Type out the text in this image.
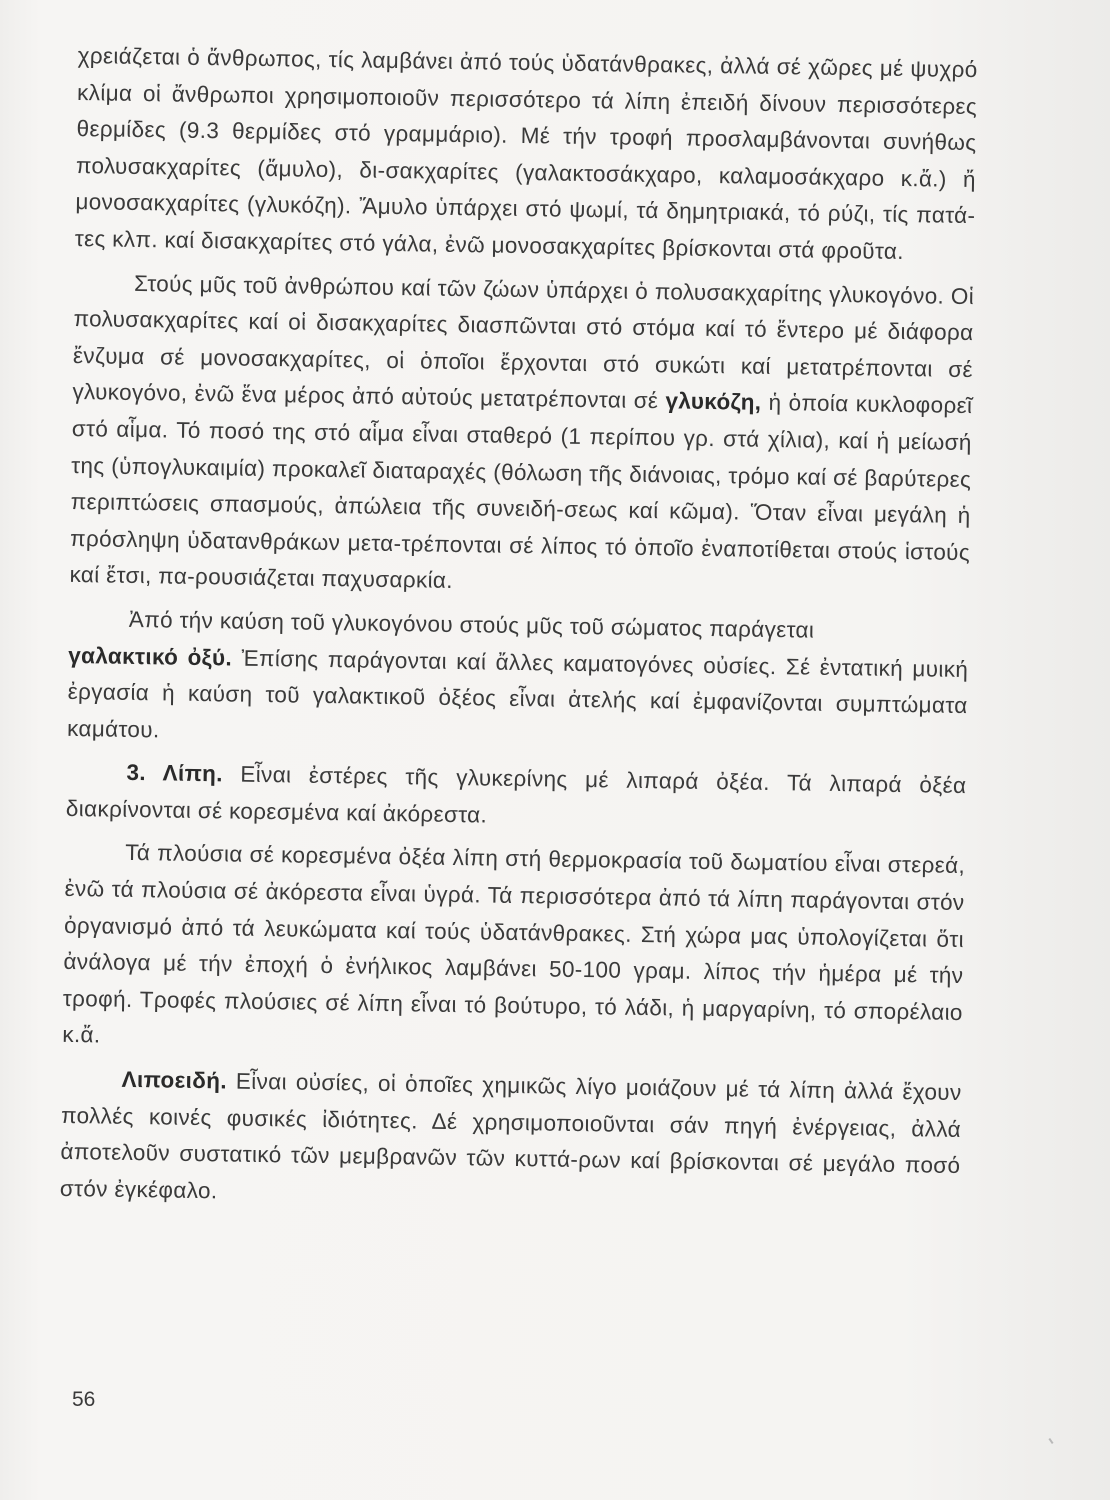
χρειάζεται ὁ ἄνθρωπος, τίς λαμβάνει ἀπό τούς ὑδατάνθρακες, ἀλλά σέ χῶρες μέ ψυχρό κλίμα οἱ ἄνθρωποι χρησιμοποιοῦν περισσότερο τά λίπη ἐπειδή δίνουν περισσότερες θερμίδες (9.3 θερμίδες στό γραμμάριο). Μέ τήν τροφή προσλαμβάνονται συνήθως πολυσακχαρίτες (ἄμυλο), δι-σακχαρίτες (γαλακτοσάκχαρο, καλαμοσάκχαρο κ.ἄ.) ἤ μονοσακχαρίτες (γλυκόζη). Ἄμυλο ὑπάρχει στό ψωμί, τά δημητριακά, τό ρύζι, τίς πατά-τες κλπ. καί δισακχαρίτες στό γάλα, ἐνῶ μονοσακχαρίτες βρίσκονται στά φροῦτα.

Στούς μῦς τοῦ ἀνθρώπου καί τῶν ζώων ὑπάρχει ὁ πολυσακχαρίτης γλυκογόνο. Οἱ πολυσακχαρίτες καί οἱ δισακχαρίτες διασπῶνται στό στόμα καί τό ἔντερο μέ διάφορα ἔνζυμα σέ μονοσακχαρίτες, οἱ ὁποῖοι ἔρχονται στό συκώτι καί μετατρέπονται σέ γλυκογόνο, ἐνῶ ἕνα μέρος ἀπό αὐτούς μετατρέπονται σέ γλυκόζη, ἡ ὁποία κυκλοφορεῖ στό αἷμα. Τό ποσό της στό αἷμα εἶναι σταθερό (1 περίπου γρ. στά χίλια), καί ἡ μείωσή της (ὑπογλυκαιμία) προκαλεῖ διαταραχές (θόλωση τῆς διάνοιας, τρόμο καί σέ βαρύτερες περιπτώσεις σπασμούς, ἀπώλεια τῆς συνειδή-σεως καί κῶμα). Ὅταν εἶναι μεγάλη ἡ πρόσληψη ὑδατανθράκων μετα-τρέπονται σέ λίπος τό ὁποῖο ἐναποτίθεται στούς ἱστούς καί ἔτσι, πα-ρουσιάζεται παχυσαρκία.

Ἀπό τήν καύση τοῦ γλυκογόνου στούς μῦς τοῦ σώματος παράγεται
γαλακτικό ὀξύ. Ἐπίσης παράγονται καί ἄλλες καματογόνες οὐσίες. Σέ ἐντατική μυική ἐργασία ἡ καύση τοῦ γαλακτικοῦ ὀξέος εἶναι ἀτελής καί ἐμφανίζονται συμπτώματα καμάτου.

3. Λίπη. Εἶναι ἐστέρες τῆς γλυκερίνης μέ λιπαρά ὀξέα. Τά λιπαρά ὀξέα διακρίνονται σέ κορεσμένα καί ἀκόρεστα.

Τά πλούσια σέ κορεσμένα ὀξέα λίπη στή θερμοκρασία τοῦ δωματίου εἶναι στερεά, ἐνῶ τά πλούσια σέ ἀκόρεστα εἶναι ὑγρά. Τά περισσότερα ἀπό τά λίπη παράγονται στόν ὀργανισμό ἀπό τά λευκώματα καί τούς ὑδατάνθρακες. Στή χώρα μας ὑπολογίζεται ὅτι ἀνάλογα μέ τήν ἐποχή ὁ ἐνήλικος λαμβάνει 50-100 γραμ. λίπος τήν ἡμέρα μέ τήν τροφή. Τροφές πλούσιες σέ λίπη εἶναι τό βούτυρο, τό λάδι, ἡ μαργαρίνη, τό σπορέλαιο κ.ἄ.

Λιποειδή. Εἶναι οὐσίες, οἱ ὁποῖες χημικῶς λίγο μοιάζουν μέ τά λίπη ἀλλά ἔχουν πολλές κοινές φυσικές ἰδιότητες. Δέ χρησιμοποιοῦνται σάν πηγή ἐνέργειας, ἀλλά ἀποτελοῦν συστατικό τῶν μεμβρανῶν τῶν κυττά-ρων καί βρίσκονται σέ μεγάλο ποσό στόν ἐγκέφαλο.

56
